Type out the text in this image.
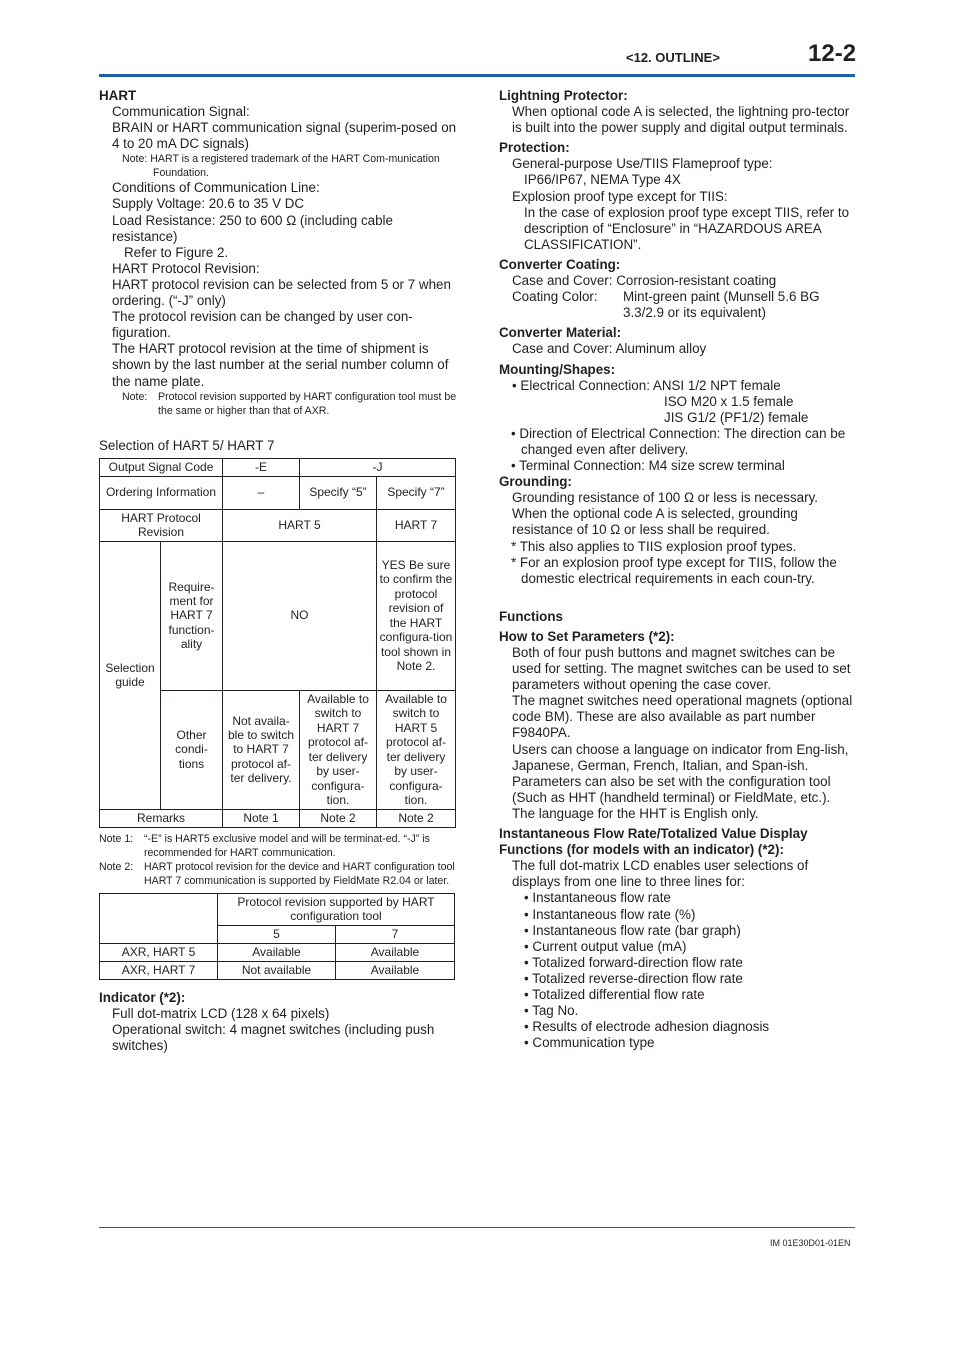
<12. OUTLINE>	12-2

HART

Communication Signal:

BRAIN or HART communication signal (superim-posed on 4 to 20 mA DC signals)

Note: HART is a registered trademark of the HART Com-munication Foundation.

Conditions of Communication Line:

Supply Voltage: 20.6 to 35 V DC

Load Resistance: 250 to 600 Ω (including cable resistance)

Refer to Figure 2.

HART Protocol Revision:

HART protocol revision can be selected from 5 or 7 when ordering. (“-J” only)

The protocol revision can be changed by user con-figuration.

The HART protocol revision at the time of shipment is shown by the last number at the serial number column of the name plate.

Note:	Protocol revision supported by HART configuration tool must be the same or higher than that of AXR.

Selection of HART 5/ HART 7

Output Signal Code		-E	-J	
Ordering Information		–	Specify “5”	Specify “7”
HART Protocol Revision		HART 5		HART 7
Selection guide	Require-ment for HART 7 function-ality	NO		YES Be sure to confirm the protocol revision of the HART configura-tion tool shown in Note 2.
	Other condi-tions	Not availa-ble to switch to HART 7 protocol af-ter delivery.	Available to switch to HART 7 protocol af-ter delivery by user-configura-tion.	Available to switch to HART 5 protocol af-ter delivery by user-configura-tion.
Remarks		Note 1	Note 2	Note 2
Note 1:	“-E” is HART5 exclusive model and will be terminat-ed. “-J” is recommended for HART communication.
Note 2:	HART protocol revision for the device and HART configuration tool
HART 7 communication is supported by FieldMate R2.04 or later.
	Protocol revision supported by HART configuration tool	
	5	7
AXR, HART 5	Available	Available
AXR, HART 7	Not available	Available

Indicator (*2):

Full dot-matrix LCD (128 x 64 pixels)

Operational switch: 4 magnet switches (including push switches)

Lightning Protector:

When optional code A is selected, the lightning pro-tector is built into the power supply and digital output terminals.

Protection:

General-purpose Use/TIIS Flameproof type:

IP66/IP67, NEMA Type 4X

Explosion proof type except for TIIS:

In the case of explosion proof type except TIIS, refer to description of “Enclosure” in “HAZARDOUS AREA CLASSIFICATION”.

Converter Coating:

Case and Cover: Corrosion-resistant coating

Coating Color:	Mint-green paint (Munsell 5.6 BG 3.3/2.9 or its equivalent)

Converter Material:

Case and Cover: Aluminum alloy

Mounting/Shapes:

• Electrical Connection: ANSI 1/2 NPT female

ISO M20 x 1.5 female

JIS G1/2 (PF1/2) female

• Direction of Electrical Connection: The direction can be changed even after delivery.

• Terminal Connection: M4 size screw terminal

Grounding:

Grounding resistance of 100 Ω or less is necessary. When the optional code A is selected, grounding resistance of 10 Ω or less shall be required.

* This also applies to TIIS explosion proof types.

* For an explosion proof type except for TIIS, follow the domestic electrical requirements in each coun-try.

Functions

How to Set Parameters (*2):

Both of four push buttons and magnet switches can be used for setting. The magnet switches can be used to set parameters without opening the case cover.

The magnet switches need operational magnets (optional code BM). These are also available as part number F9840PA.

Users can choose a language on indicator from Eng-lish, Japanese, German, French, Italian, and Span-ish. Parameters can also be set with the configuration tool (Such as HHT (handheld terminal) or FieldMate, etc.). The language for the HHT is English only.

Instantaneous Flow Rate/Totalized Value Display Functions (for models with an indicator) (*2):

The full dot-matrix LCD enables user selections of displays from one line to three lines for:

• Instantaneous flow rate

• Instantaneous flow rate (%)

• Instantaneous flow rate (bar graph)

• Current output value (mA)

• Totalized forward-direction flow rate

• Totalized reverse-direction flow rate

• Totalized differential flow rate

• Tag No.

• Results of electrode adhesion diagnosis

• Communication type

IM 01E30D01-01EN
